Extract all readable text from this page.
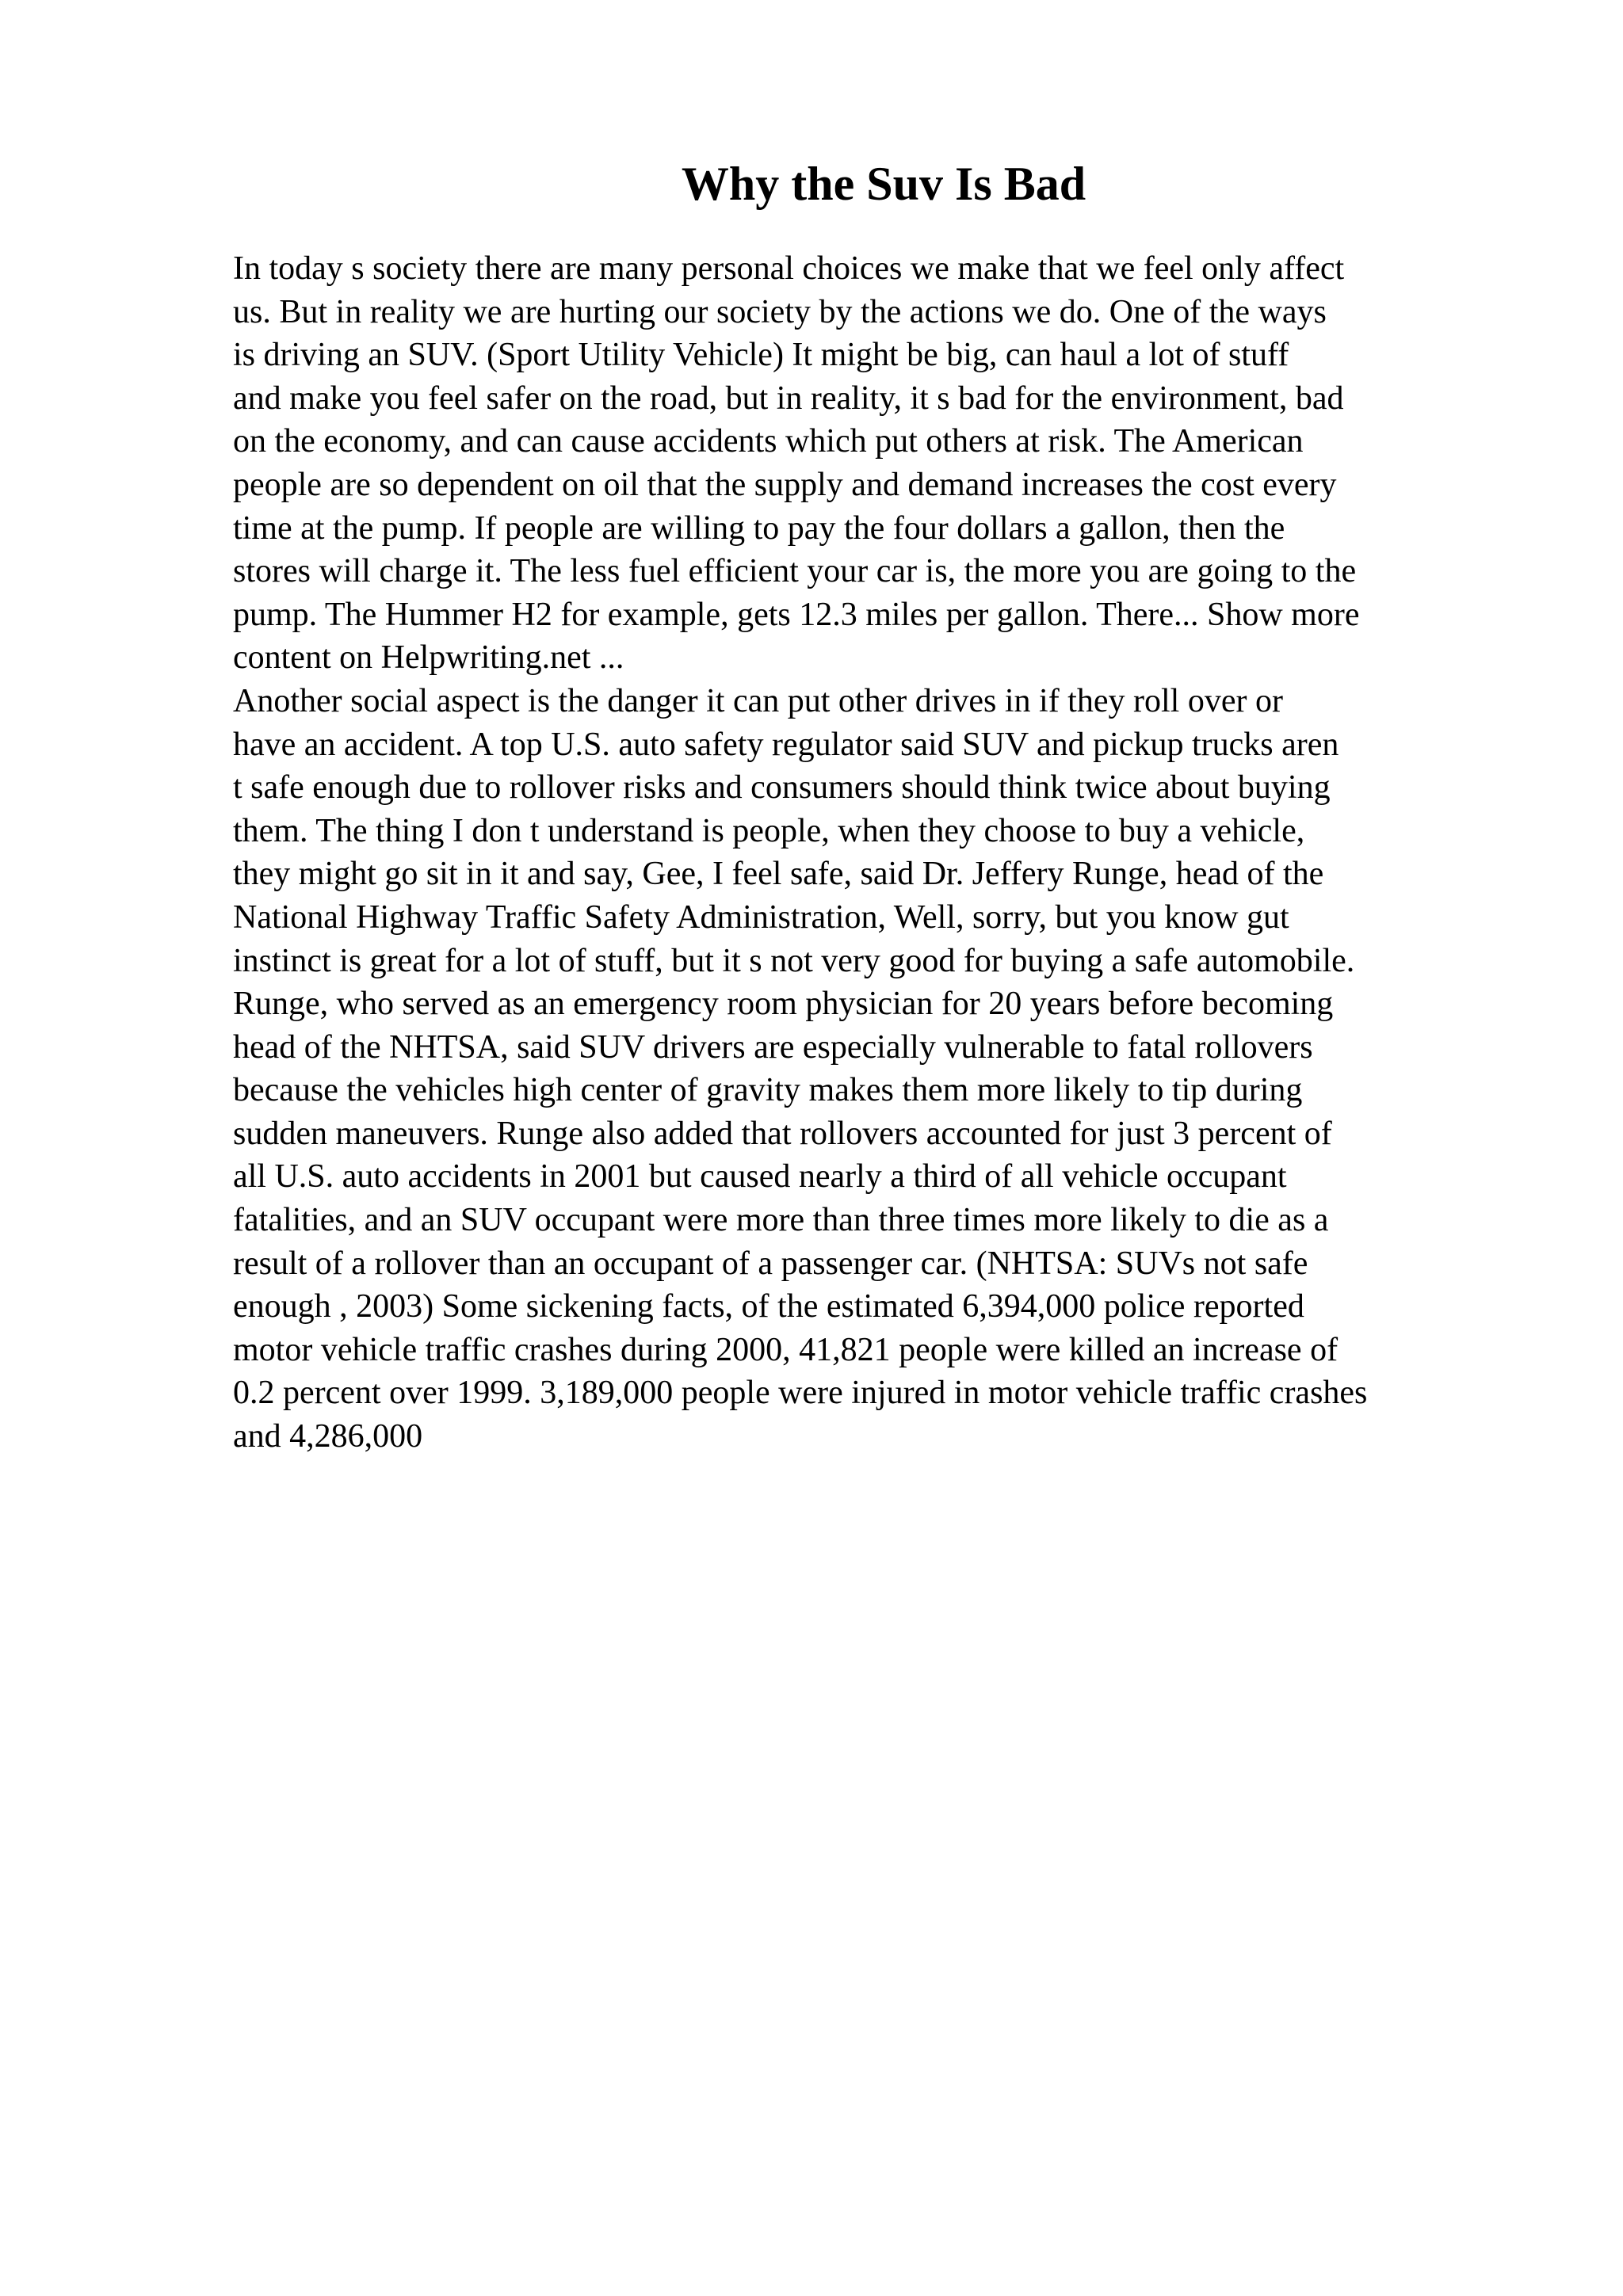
Why the Suv Is Bad
In today s society there are many personal choices we make that we feel only affect
us. But in reality we are hurting our society by the actions we do. One of the ways
is driving an SUV. (Sport Utility Vehicle) It might be big, can haul a lot of stuff
and make you feel safer on the road, but in reality, it s bad for the environment, bad
on the economy, and can cause accidents which put others at risk. The American
people are so dependent on oil that the supply and demand increases the cost every
time at the pump. If people are willing to pay the four dollars a gallon, then the
stores will charge it. The less fuel efficient your car is, the more you are going to the
pump. The Hummer H2 for example, gets 12.3 miles per gallon. There... Show more
content on Helpwriting.net ...
Another social aspect is the danger it can put other drives in if they roll over or
have an accident. A top U.S. auto safety regulator said SUV and pickup trucks aren
t safe enough due to rollover risks and consumers should think twice about buying
them. The thing I don t understand is people, when they choose to buy a vehicle,
they might go sit in it and say, Gee, I feel safe, said Dr. Jeffery Runge, head of the
National Highway Traffic Safety Administration, Well, sorry, but you know gut
instinct is great for a lot of stuff, but it s not very good for buying a safe automobile.
Runge, who served as an emergency room physician for 20 years before becoming
head of the NHTSA, said SUV drivers are especially vulnerable to fatal rollovers
because the vehicles high center of gravity makes them more likely to tip during
sudden maneuvers. Runge also added that rollovers accounted for just 3 percent of
all U.S. auto accidents in 2001 but caused nearly a third of all vehicle occupant
fatalities, and an SUV occupant were more than three times more likely to die as a
result of a rollover than an occupant of a passenger car. (NHTSA: SUVs not safe
enough , 2003) Some sickening facts, of the estimated 6,394,000 police reported
motor vehicle traffic crashes during 2000, 41,821 people were killed an increase of
0.2 percent over 1999. 3,189,000 people were injured in motor vehicle traffic crashes
and 4,286,000
